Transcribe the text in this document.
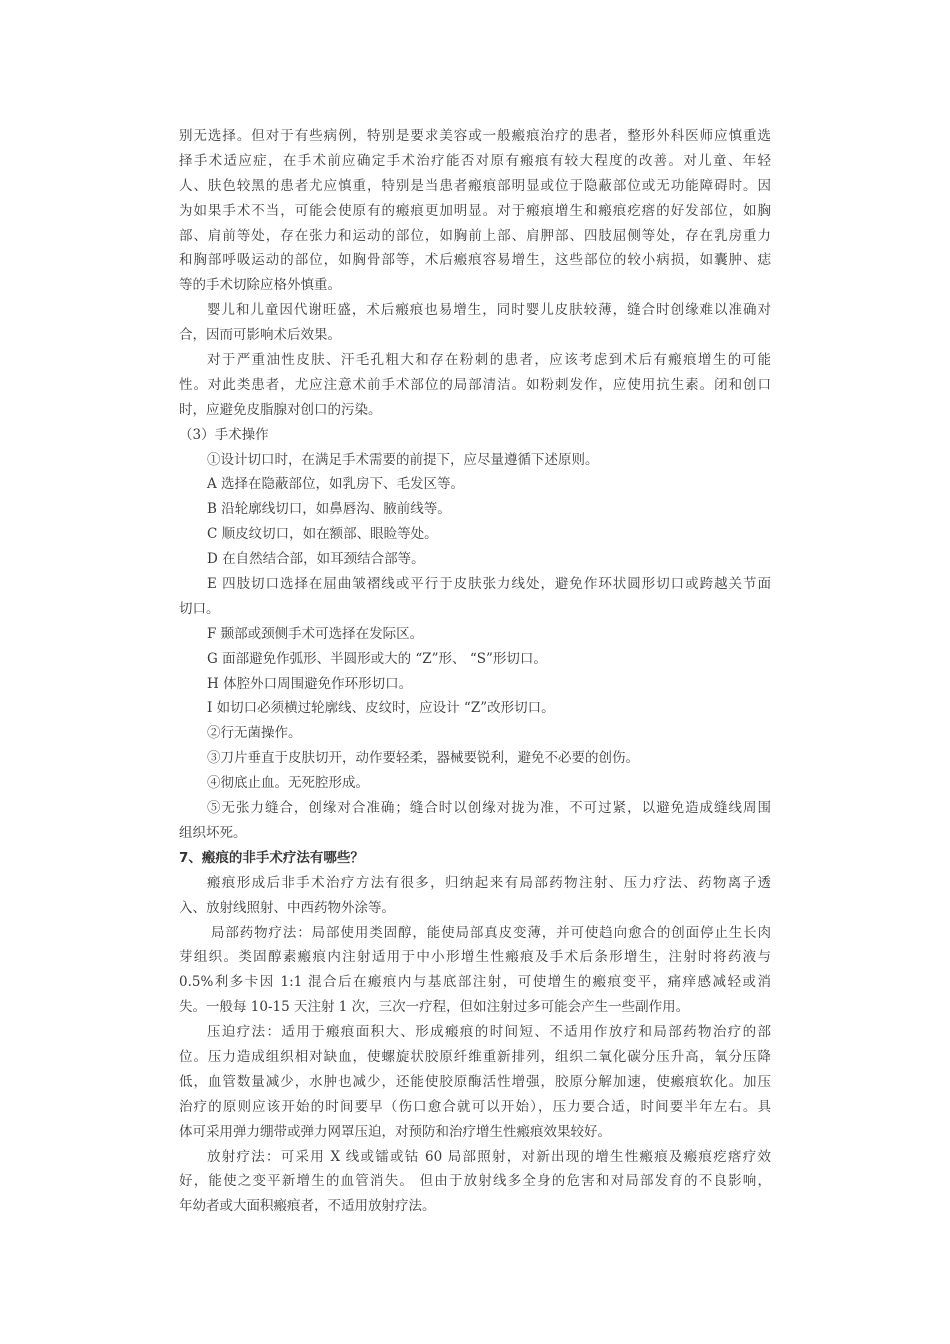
别无选择。但对于有些病例，特别是要求美容或一般瘢痕治疗的患者，整形外科医师应慎重选
择手术适应症，在手术前应确定手术治疗能否对原有瘢痕有较大程度的改善。对儿童、年轻
人、肤色较黑的患者尤应慎重，特别是当患者瘢痕部明显或位于隐蔽部位或无功能障碍时。因
为如果手术不当，可能会使原有的瘢痕更加明显。对于瘢痕增生和瘢痕疙瘩的好发部位，如胸
部、肩前等处，存在张力和运动的部位，如胸前上部、肩胛部、四肢屈侧等处，存在乳房重力
和胸部呼吸运动的部位，如胸骨部等，术后瘢痕容易增生，这些部位的较小病损，如囊肿、痣
等的手术切除应格外慎重。
婴儿和儿童因代谢旺盛，术后瘢痕也易增生，同时婴儿皮肤较薄，缝合时创缘难以准确对
合，因而可影响术后效果。
对于严重油性皮肤、汗毛孔粗大和存在粉刺的患者，应该考虑到术后有瘢痕增生的可能
性。对此类患者，尤应注意术前手术部位的局部清洁。如粉刺发作，应使用抗生素。闭和创口
时，应避免皮脂腺对创口的污染。
（3）手术操作
①设计切口时，在满足手术需要的前提下，应尽量遵循下述原则。
A 选择在隐蔽部位，如乳房下、毛发区等。
B 沿轮廓线切口，如鼻唇沟、腋前线等。
C 顺皮纹切口，如在额部、眼睑等处。
D 在自然结合部，如耳颈结合部等。
E 四肢切口选择在屈曲皱褶线或平行于皮肤张力线处，避免作环状圆形切口或跨越关节面
切口。
F 颞部或颈侧手术可选择在发际区。
G 面部避免作弧形、半圆形或大的 “Z”形、 “S”形切口。
H 体腔外口周围避免作环形切口。
I 如切口必须横过轮廓线、皮纹时，应设计 “Z”改形切口。
②行无菌操作。
③刀片垂直于皮肤切开，动作要轻柔，器械要锐利，避免不必要的创伤。
④彻底止血。无死腔形成。
⑤无张力缝合，创缘对合准确；缝合时以创缘对拢为准，不可过紧，以避免造成缝线周围
组织坏死。
7、瘢痕的非手术疗法有哪些？
瘢痕形成后非手术治疗方法有很多，归纳起来有局部药物注射、压力疗法、药物离子透
入、放射线照射、中西药物外涂等。
局部药物疗法：局部使用类固醇，能使局部真皮变薄，并可使趋向愈合的创面停止生长肉
芽组织。类固醇素瘢痕内注射适用于中小形增生性瘢痕及手术后条形增生，注射时将药液与
0.5%利多卡因 1:1 混合后在瘢痕内与基底部注射，可使增生的瘢痕变平，痛痒感减轻或消
失。一般每 10-15 天注射 1 次，三次一疗程，但如注射过多可能会产生一些副作用。
压迫疗法：适用于瘢痕面积大、形成瘢痕的时间短、不适用作放疗和局部药物治疗的部
位。压力造成组织相对缺血，使螺旋状胶原纤维重新排列，组织二氧化碳分压升高，氧分压降
低，血管数量减少，水肿也减少，还能使胶原酶活性增强，胶原分解加速，使瘢痕软化。加压
治疗的原则应该开始的时间要早（伤口愈合就可以开始），压力要合适，时间要半年左右。具
体可采用弹力绷带或弹力网罩压迫，对预防和治疗增生性瘢痕效果较好。
放射疗法：可采用 X 线或镭或钴 60 局部照射，对新出现的增生性瘢痕及瘢痕疙瘩疗效
好，能使之变平新增生的血管消失。 但由于放射线多全身的危害和对局部发育的不良影响，
年幼者或大面积瘢痕者，不适用放射疗法。
